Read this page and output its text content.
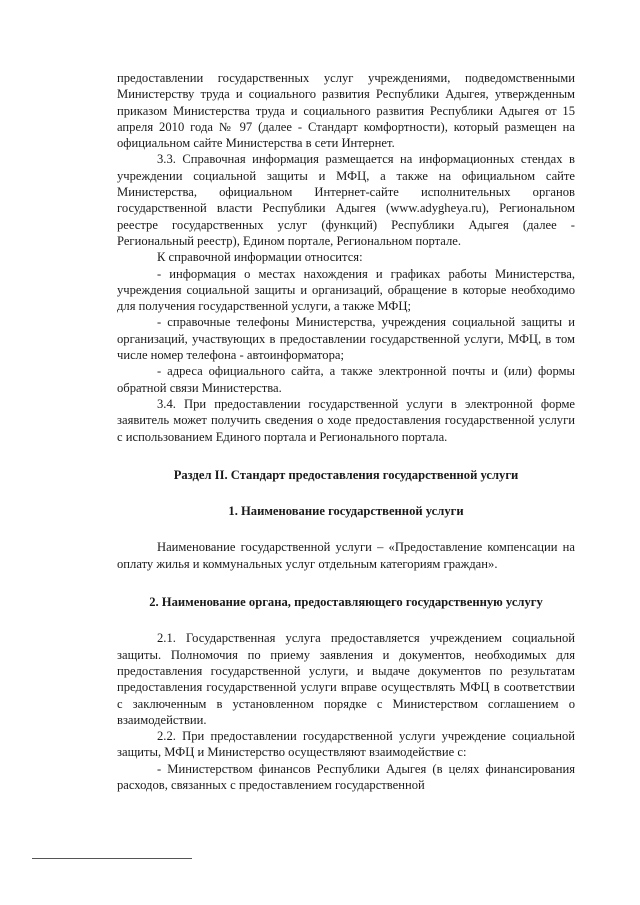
предоставлении государственных услуг учреждениями, подведомственными Министерству труда и социального развития Республики Адыгея, утвержденным приказом Министерства труда и социального развития Республики Адыгея от 15 апреля 2010 года № 97 (далее - Стандарт комфортности), который размещен на официальном сайте Министерства в сети Интернет.

3.3. Справочная информация размещается на информационных стендах в учреждении социальной защиты и МФЦ, а также на официальном сайте Министерства, официальном Интернет-сайте исполнительных органов государственной власти Республики Адыгея (www.adygheya.ru), Региональном реестре государственных услуг (функций) Республики Адыгея (далее - Региональный реестр), Едином портале, Региональном портале.

К справочной информации относится:

- информация о местах нахождения и графиках работы Министерства, учреждения социальной защиты и организаций, обращение в которые необходимо для получения государственной услуги, а также МФЦ;

- справочные телефоны Министерства, учреждения социальной защиты и организаций, участвующих в предоставлении государственной услуги, МФЦ, в том числе номер телефона - автоинформатора;

- адреса официального сайта, а также электронной почты и (или) формы обратной связи Министерства.

3.4. При предоставлении государственной услуги в электронной форме заявитель может получить сведения о ходе предоставления государственной услуги с использованием Единого портала и Регионального портала.

Раздел II. Стандарт предоставления государственной услуги
1. Наименование государственной услуги

Наименование государственной услуги – «Предоставление компенсации на оплату жилья и коммунальных услуг отдельным категориям граждан».

2. Наименование органа, предоставляющего государственную услугу

2.1. Государственная услуга предоставляется учреждением социальной защиты. Полномочия по приему заявления и документов, необходимых для предоставления государственной услуги, и выдаче документов по результатам предоставления государственной услуги вправе осуществлять МФЦ в соответствии с заключенным в установленном порядке с Министерством соглашением о взаимодействии.

2.2. При предоставлении государственной услуги учреждение социальной защиты, МФЦ и Министерство осуществляют взаимодействие с:

- Министерством финансов Республики Адыгея (в целях финансирования расходов, связанных с предоставлением государственной
